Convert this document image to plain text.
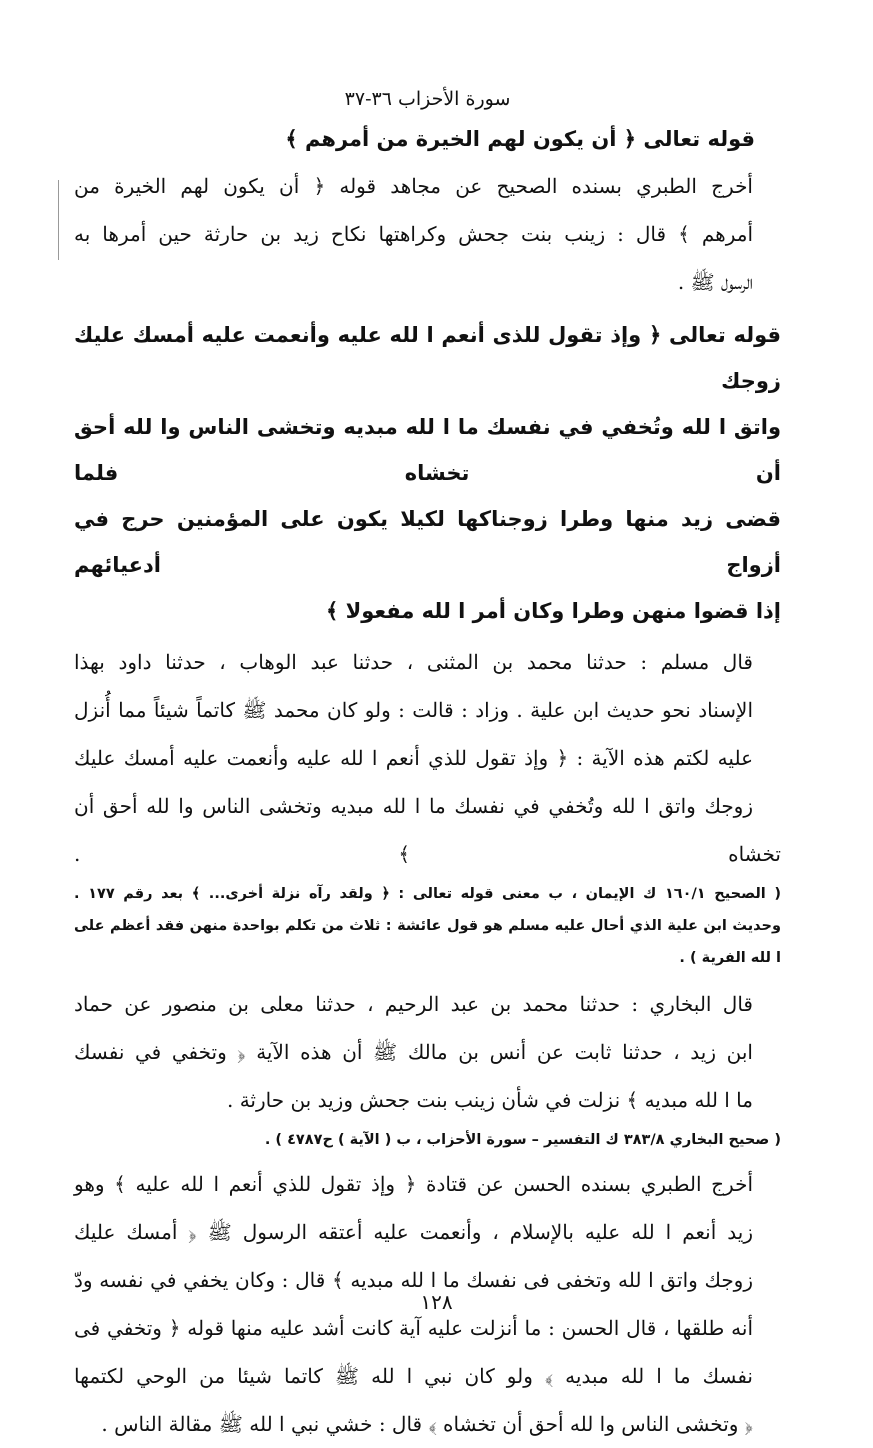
سورة الأحزاب ٣٦-٣٧
قوله تعالى ﴿ أن يكون لهم الخيرة من أمرهم ﴾
أخرج الطبري بسنده الصحيح عن مجاهد قوله ﴿ أن يكون لهم الخيرة من
أمرهم ﴾ قال : زينب بنت جحش وكراهتها نكاح زيد بن حارثة حين أمرها به
الرسول ﷺ .
قوله تعالى ﴿ وإذ تقول للذى أنعم ا لله عليه وأنعمت عليه أمسك عليك زوجك
واتق ا لله وتُخفي في نفسك ما ا لله مبديه وتخشى الناس وا لله أحق أن تخشاه فلما
قضى زيد منها وطرا زوجناكها لكيلا يكون على المؤمنين حرج في أزواج أدعيائهم
إذا قضوا منهن وطرا وكان أمر ا لله مفعولا ﴾
قال مسلم : حدثنا محمد بن المثنى ، حدثنا عبد الوهاب ، حدثنا داود بهذا
الإسناد نحو حديث ابن علية . وزاد : قالت : ولو كان محمد ﷺ كاتماً شيئاً مما أُنزل
عليه لكتم هذه الآية : ﴿ وإذ تقول للذي أنعم ا لله عليه وأنعمت عليه أمسك عليك
زوجك واتق ا لله وتُخفي في نفسك ما ا لله مبديه وتخشى الناس وا لله أحق أن تخشاه ﴾ .
( الصحيح ١٦٠/١ ك الإيمان ، ب معنى قوله تعالى : ﴿ ولقد رآه نزلة أخرى... ﴾ بعد رقم ١٧٧ .
وحديث ابن علية الذي أحال عليه مسلم هو قول عائشة : ثلاث من تكلم بواحدة منهن فقد أعظم على
ا لله الفرية ) .
قال البخاري : حدثنا محمد بن عبد الرحيم ، حدثنا معلى بن منصور عن حماد
ابن زيد ، حدثنا ثابت عن أنس بن مالك ﷺ أن هذه الآية ﴿ وتخفي في نفسك
ما ا لله مبديه ﴾ نزلت في شأن زينب بنت جحش وزيد بن حارثة .
( صحيح البخاري ٣٨٣/٨ ك التفسير – سورة الأحزاب ، ب ( الآية ) ح٤٧٨٧ ) .
أخرج الطبري بسنده الحسن عن قتادة ﴿ وإذ تقول للذي أنعم ا لله عليه ﴾ وهو
زيد أنعم ا لله عليه بالإسلام ، وأنعمت عليه أعتقه الرسول ﷺ ﴿ أمسك عليك
زوجك واتق ا لله وتخفى فى نفسك ما ا لله مبديه ﴾ قال : وكان يخفي في نفسه ودّ
أنه طلقها ، قال الحسن : ما أنزلت عليه آية كانت أشد عليه منها قوله ﴿ وتخفي فى
نفسك ما ا لله مبديه ﴾ ولو كان نبي ا لله ﷺ كاتما شيئا من الوحي لكتمها
﴿ وتخشى الناس وا لله أحق أن تخشاه ﴾ قال : خشي نبي ا لله ﷺ مقالة الناس .
١٢٨
